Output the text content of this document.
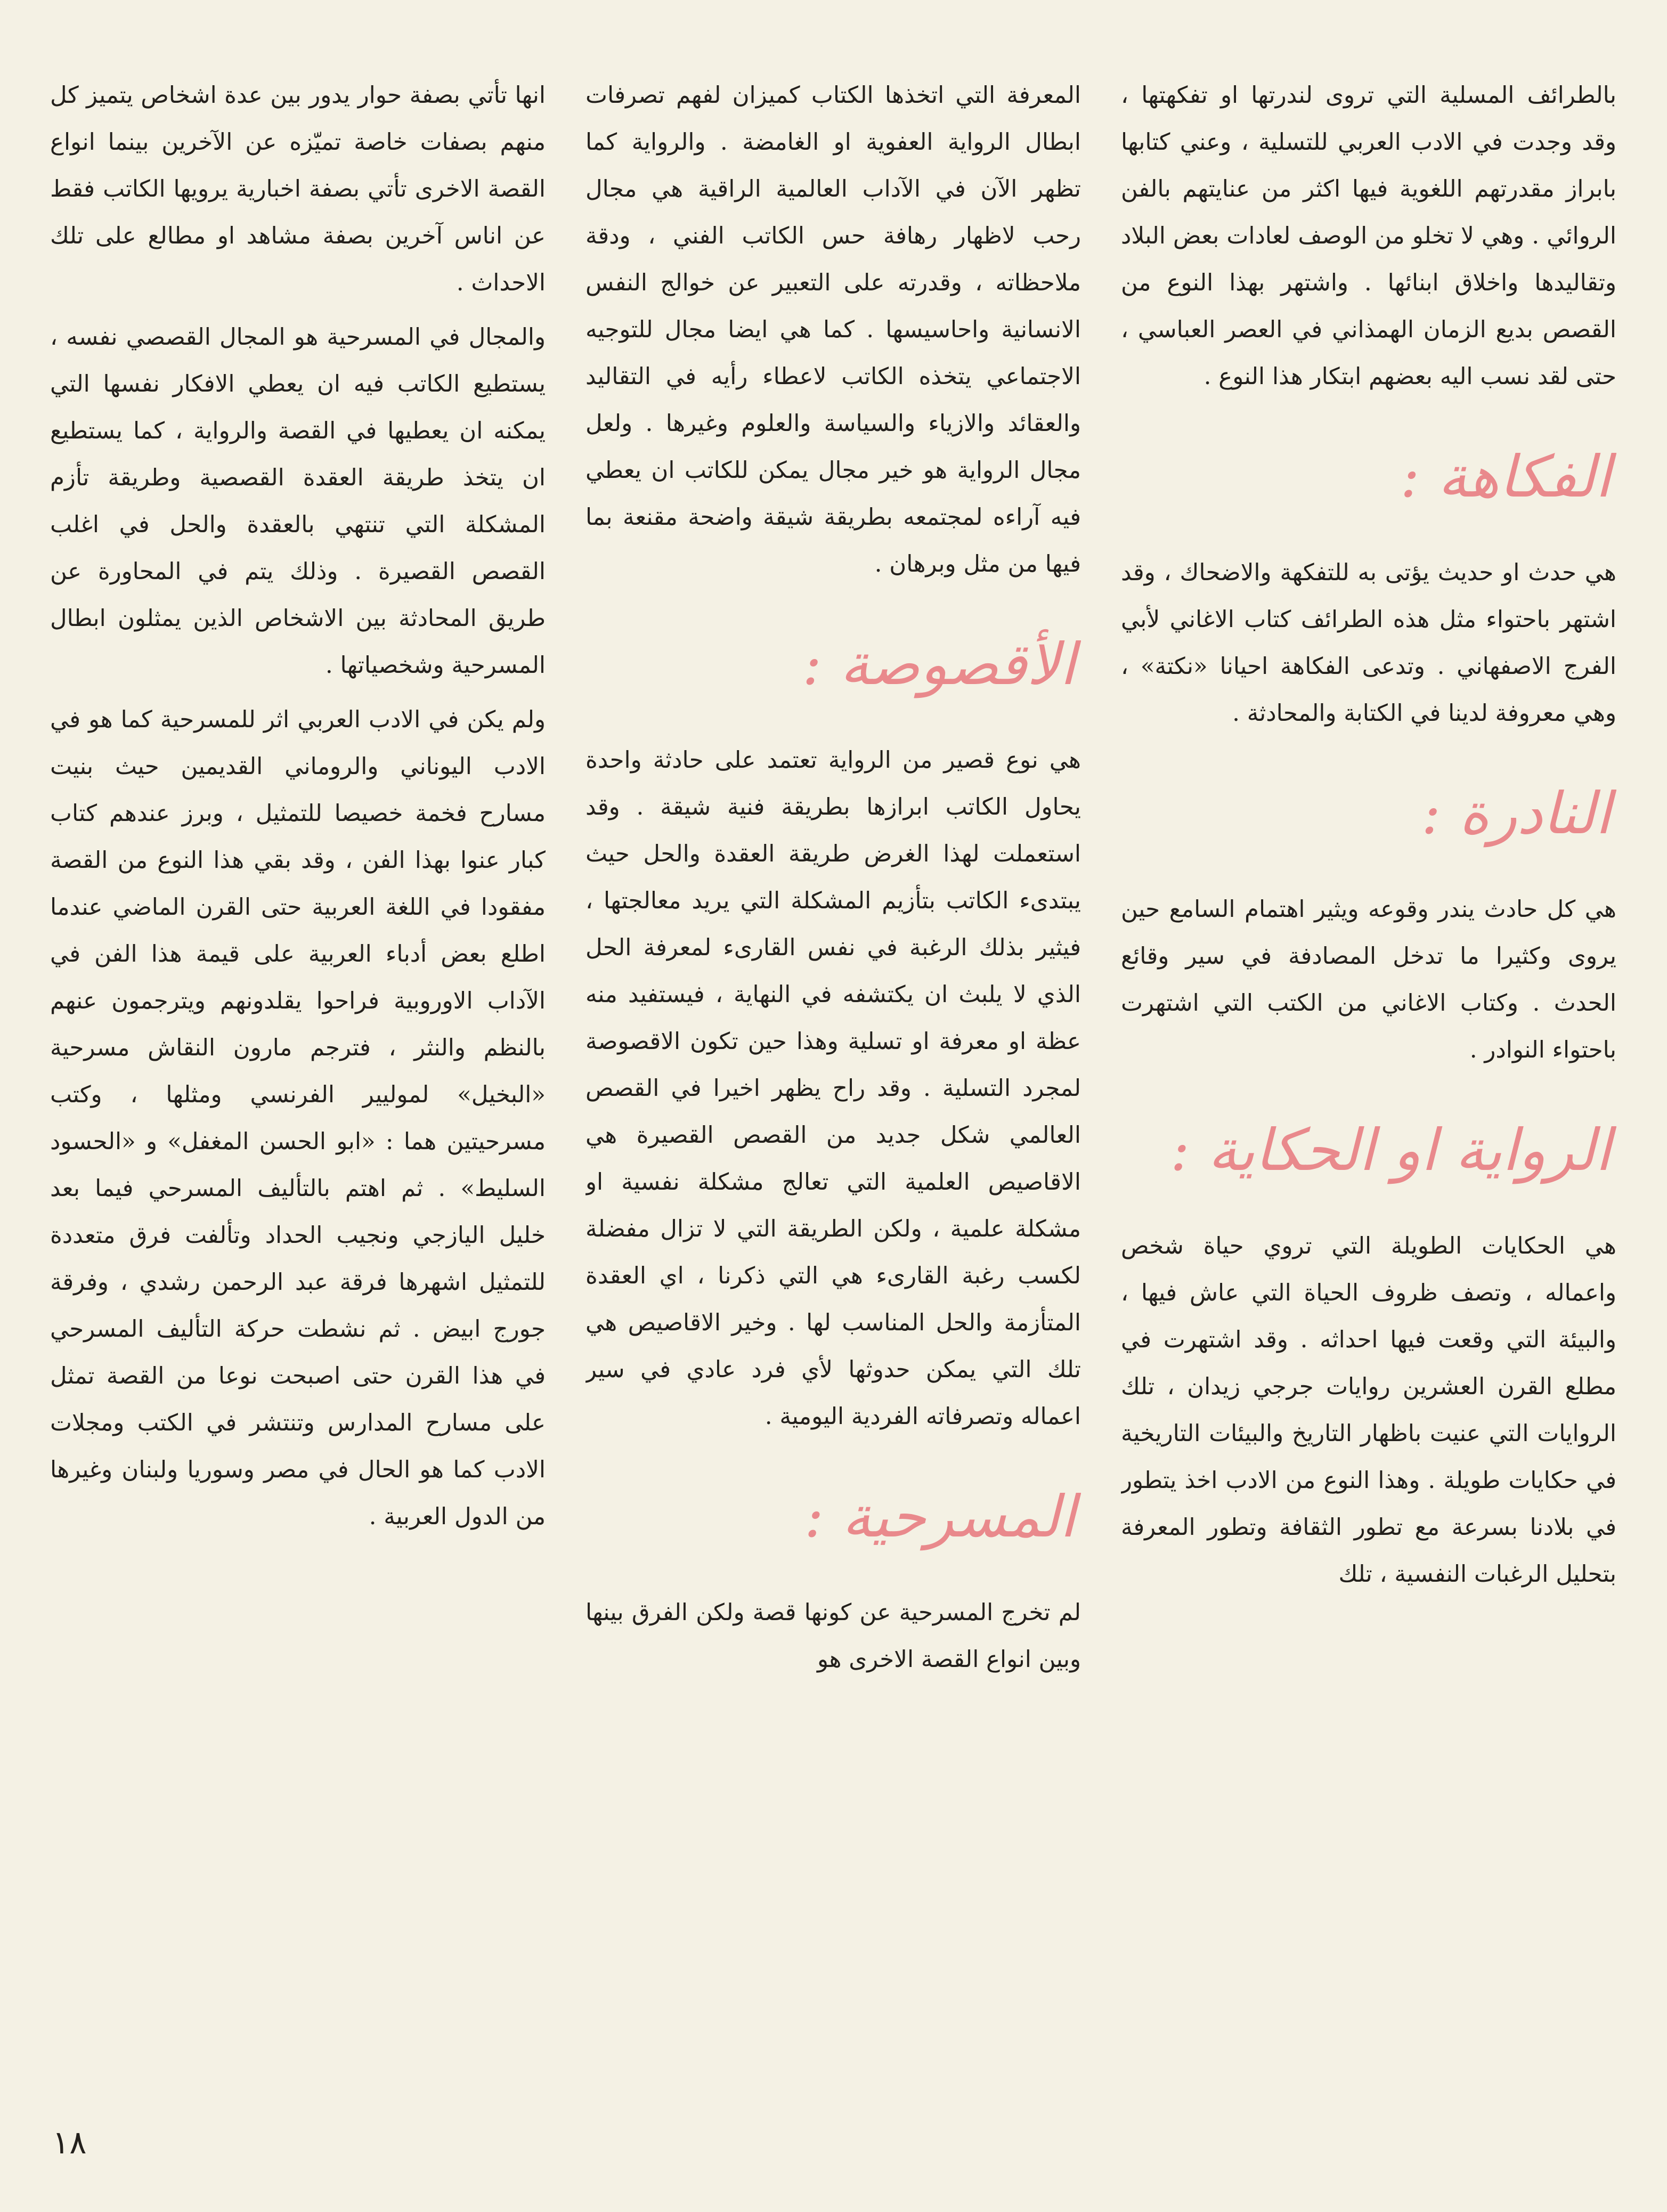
بالطرائف المسلية التي تروى لندرتها او تفكهتها ، وقد وجدت في الادب العربي للتسلية ، وعني كتابها بابراز مقدرتهم اللغوية فيها اكثر من عنايتهم بالفن الروائي . وهي لا تخلو من الوصف لعادات بعض البلاد وتقاليدها واخلاق ابنائها . واشتهر بهذا النوع من القصص بديع الزمان الهمذاني في العصر العباسي ، حتى لقد نسب اليه بعضهم ابتكار هذا النوع .

الفكاهة :

هي حدث او حديث يؤتى به للتفكهة والاضحاك ، وقد اشتهر باحتواء مثل هذه الطرائف كتاب الاغاني لأبي الفرج الاصفهاني . وتدعى الفكاهة احيانا «نكتة» ، وهي معروفة لدينا في الكتابة والمحادثة .

النادرة :

هي كل حادث يندر وقوعه ويثير اهتمام السامع حين يروى وكثيرا ما تدخل المصادفة في سير وقائع الحدث . وكتاب الاغاني من الكتب التي اشتهرت باحتواء النوادر .

الرواية او الحكاية :

هي الحكايات الطويلة التي تروي حياة شخص واعماله ، وتصف ظروف الحياة التي عاش فيها ، والبيئة التي وقعت فيها احداثه . وقد اشتهرت في مطلع القرن العشرين روايات جرجي زيدان ، تلك الروايات التي عنيت باظهار التاريخ والبيئات التاريخية في حكايات طويلة . وهذا النوع من الادب اخذ يتطور في بلادنا بسرعة مع تطور الثقافة وتطور المعرفة بتحليل الرغبات النفسية ، تلك

المعرفة التي اتخذها الكتاب كميزان لفهم تصرفات ابطال الرواية العفوية او الغامضة . والرواية كما تظهر الآن في الآداب العالمية الراقية هي مجال رحب لاظهار رهافة حس الكاتب الفني ، ودقة ملاحظاته ، وقدرته على التعبير عن خوالج النفس الانسانية واحاسيسها . كما هي ايضا مجال للتوجيه الاجتماعي يتخذه الكاتب لاعطاء رأيه في التقاليد والعقائد والازياء والسياسة والعلوم وغيرها . ولعل مجال الرواية هو خير مجال يمكن للكاتب ان يعطي فيه آراءه لمجتمعه بطريقة شيقة واضحة مقنعة بما فيها من مثل وبرهان .

الأقصوصة :

هي نوع قصير من الرواية تعتمد على حادثة واحدة يحاول الكاتب ابرازها بطريقة فنية شيقة . وقد استعملت لهذا الغرض طريقة العقدة والحل حيث يبتدىء الكاتب بتأزيم المشكلة التي يريد معالجتها ، فيثير بذلك الرغبة في نفس القارىء لمعرفة الحل الذي لا يلبث ان يكتشفه في النهاية ، فيستفيد منه عظة او معرفة او تسلية وهذا حين تكون الاقصوصة لمجرد التسلية . وقد راح يظهر اخيرا في القصص العالمي شكل جديد من القصص القصيرة هي الاقاصيص العلمية التي تعالج مشكلة نفسية او مشكلة علمية ، ولكن الطريقة التي لا تزال مفضلة لكسب رغبة القارىء هي التي ذكرنا ، اي العقدة المتأزمة والحل المناسب لها . وخير الاقاصيص هي تلك التي يمكن حدوثها لأي فرد عادي في سير اعماله وتصرفاته الفردية اليومية .

المسرحية :

لم تخرج المسرحية عن كونها قصة ولكن الفرق بينها وبين انواع القصة الاخرى هو

انها تأتي بصفة حوار يدور بين عدة اشخاص يتميز كل منهم بصفات خاصة تميّزه عن الآخرين بينما انواع القصة الاخرى تأتي بصفة اخبارية يرويها الكاتب فقط عن اناس آخرين بصفة مشاهد او مطالع على تلك الاحداث .

والمجال في المسرحية هو المجال القصصي نفسه ، يستطيع الكاتب فيه ان يعطي الافكار نفسها التي يمكنه ان يعطيها في القصة والرواية ، كما يستطيع ان يتخذ طريقة العقدة القصصية وطريقة تأزم المشكلة التي تنتهي بالعقدة والحل في اغلب القصص القصيرة . وذلك يتم في المحاورة عن طريق المحادثة بين الاشخاص الذين يمثلون ابطال المسرحية وشخصياتها .

ولم يكن في الادب العربي اثر للمسرحية كما هو في الادب اليوناني والروماني القديمين حيث بنيت مسارح فخمة خصيصا للتمثيل ، وبرز عندهم كتاب كبار عنوا بهذا الفن ، وقد بقي هذا النوع من القصة مفقودا في اللغة العربية حتى القرن الماضي عندما اطلع بعض أدباء العربية على قيمة هذا الفن في الآداب الاوروبية فراحوا يقلدونهم ويترجمون عنهم بالنظم والنثر ، فترجم مارون النقاش مسرحية «البخيل» لموليير الفرنسي ومثلها ، وكتب مسرحيتين هما : «ابو الحسن المغفل» و «الحسود السليط» . ثم اهتم بالتأليف المسرحي فيما بعد خليل اليازجي ونجيب الحداد وتألفت فرق متعددة للتمثيل اشهرها فرقة عبد الرحمن رشدي ، وفرقة جورج ابيض . ثم نشطت حركة التأليف المسرحي في هذا القرن حتى اصبحت نوعا من القصة تمثل على مسارح المدارس وتنتشر في الكتب ومجلات الادب كما هو الحال في مصر وسوريا ولبنان وغيرها من الدول العربية .

١٨
